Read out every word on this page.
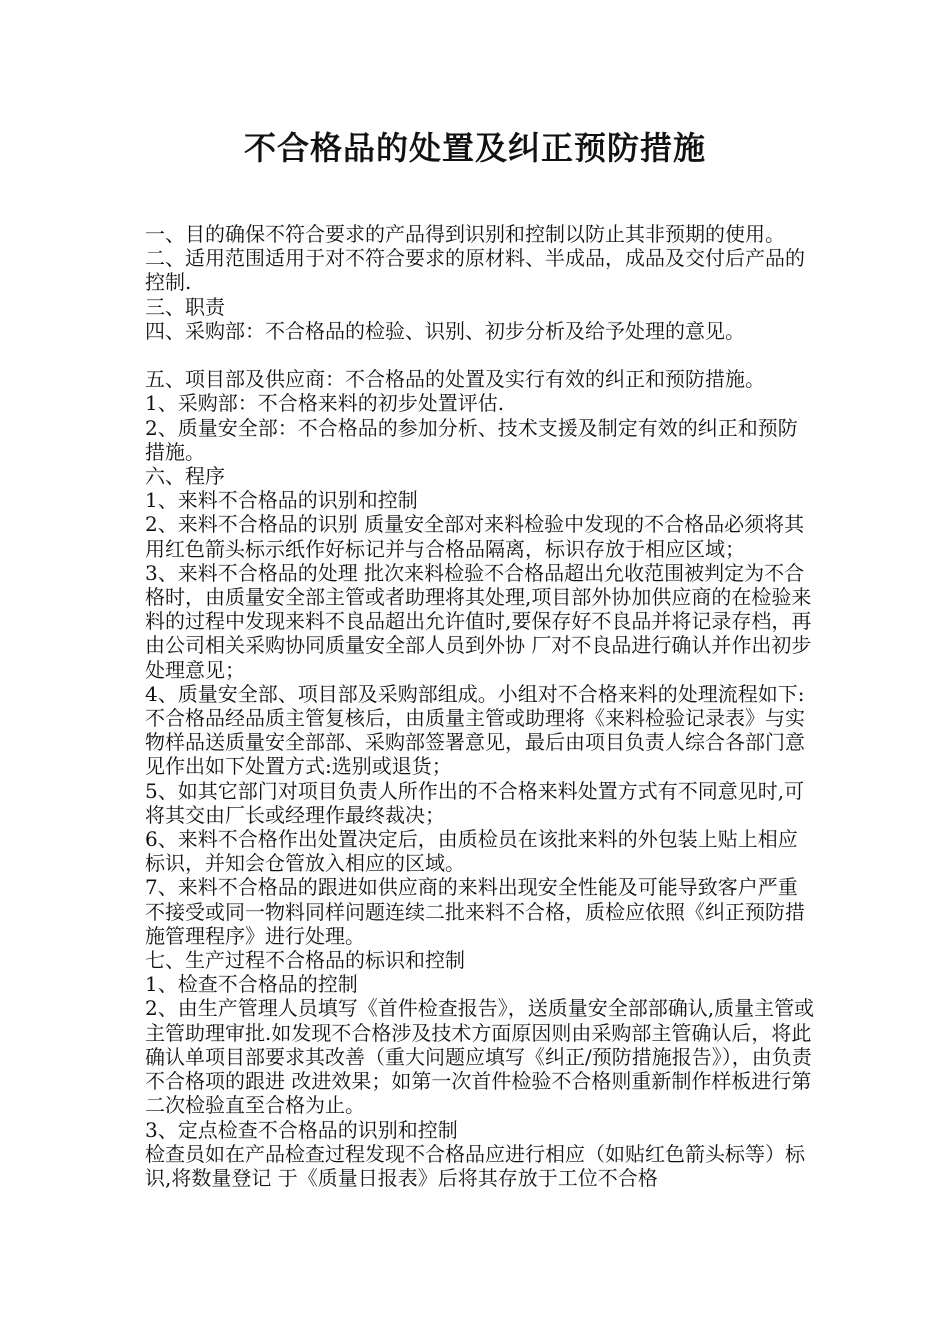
不合格品的处置及纠正预防措施

一、目的确保不符合要求的产品得到识别和控制以防止其非预期的使用。

二、适用范围适用于对不符合要求的原材料、半成品，成品及交付后产品的控制.

三、职责

四、采购部：不合格品的检验、识别、初步分析及给予处理的意见。

五、项目部及供应商：不合格品的处置及实行有效的纠正和预防措施。

1、采购部：不合格来料的初步处置评估.

2、质量安全部：不合格品的参加分析、技术支援及制定有效的纠正和预防措施。

六、程序

1、来料不合格品的识别和控制

2、来料不合格品的识别 质量安全部对来料检验中发现的不合格品必须将其用红色箭头标示纸作好标记并与合格品隔离，标识存放于相应区域；

3、来料不合格品的处理 批次来料检验不合格品超出允收范围被判定为不合格时，由质量安全部主管或者助理将其处理,项目部外协加供应商的在检验来料的过程中发现来料不良品超出允许值时,要保存好不良品并将记录存档，再由公司相关采购协同质量安全部人员到外协 厂对不良品进行确认并作出初步处理意见；

4、质量安全部、项目部及采购部组成。小组对不合格来料的处理流程如下:不合格品经品质主管复核后，由质量主管或助理将《来料检验记录表》与实物样品送质量安全部部、采购部签署意见，最后由项目负责人综合各部门意见作出如下处置方式:选别或退货；

5、如其它部门对项目负责人所作出的不合格来料处置方式有不同意见时,可将其交由厂长或经理作最终裁决；

6、来料不合格作出处置决定后，由质检员在该批来料的外包装上贴上相应标识，并知会仓管放入相应的区域。

7、来料不合格品的跟进如供应商的来料出现安全性能及可能导致客户严重不接受或同一物料同样问题连续二批来料不合格，质检应依照《纠正预防措施管理程序》进行处理。

七、生产过程不合格品的标识和控制

1、检查不合格品的控制

2、由生产管理人员填写《首件检查报告》，送质量安全部部确认,质量主管或主管助理审批.如发现不合格涉及技术方面原因则由采购部主管确认后，将此确认单项目部要求其改善（重大问题应填写《纠正/预防措施报告》），由负责不合格项的跟进 改进效果；如第一次首件检验不合格则重新制作样板进行第二次检验直至合格为止。

3、定点检查不合格品的识别和控制

检查员如在产品检查过程发现不合格品应进行相应（如贴红色箭头标等）标识,将数量登记 于《质量日报表》后将其存放于工位不合格
